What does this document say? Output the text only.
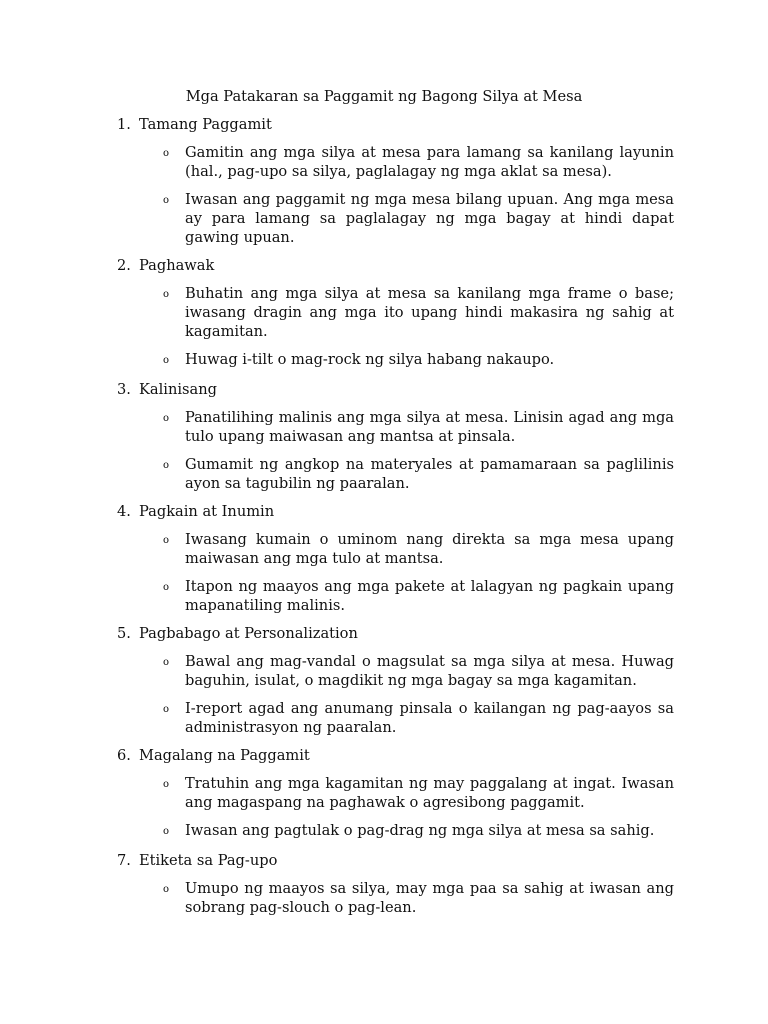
Mga Patakaran sa Paggamit ng Bagong Silya at Mesa
1. Tamang Paggamit
o	Gamitin ang mga silya at mesa para lamang sa kanilang layunin (hal., pag-upo sa silya, paglalagay ng mga aklat sa mesa).
o	Iwasan ang paggamit ng mga mesa bilang upuan. Ang mga mesa ay para lamang sa paglalagay ng mga bagay at hindi dapat gawing upuan.
2. Paghawak
o	Buhatin ang mga silya at mesa sa kanilang mga frame o base; iwasang dragin ang mga ito upang hindi makasira ng sahig at kagamitan.
o	Huwag i-tilt o mag-rock ng silya habang nakaupo.
3. Kalinisang
o	Panatilihing malinis ang mga silya at mesa. Linisin agad ang mga tulo upang maiwasan ang mantsa at pinsala.
o	Gumamit ng angkop na materyales at pamamaraan sa paglilinis ayon sa tagubilin ng paaralan.
4. Pagkain at Inumin
o	Iwasang kumain o uminom nang direkta sa mga mesa upang maiwasan ang mga tulo at mantsa.
o	Itapon ng maayos ang mga pakete at lalagyan ng pagkain upang mapanatiling malinis.
5. Pagbabago at Personalization
o	Bawal ang mag-vandal o magsulat sa mga silya at mesa. Huwag baguhin, isulat, o magdikit ng mga bagay sa mga kagamitan.
o	I-report agad ang anumang pinsala o kailangan ng pag-aayos sa administrasyon ng paaralan.
6. Magalang na Paggamit
o	Tratuhin ang mga kagamitan ng may paggalang at ingat. Iwasan ang magaspang na paghawak o agresibong paggamit.
o	Iwasan ang pagtulak o pag-drag ng mga silya at mesa sa sahig.
7. Etiketa sa Pag-upo
o	Umupo ng maayos sa silya, may mga paa sa sahig at iwasan ang sobrang pag-slouch o pag-lean.
